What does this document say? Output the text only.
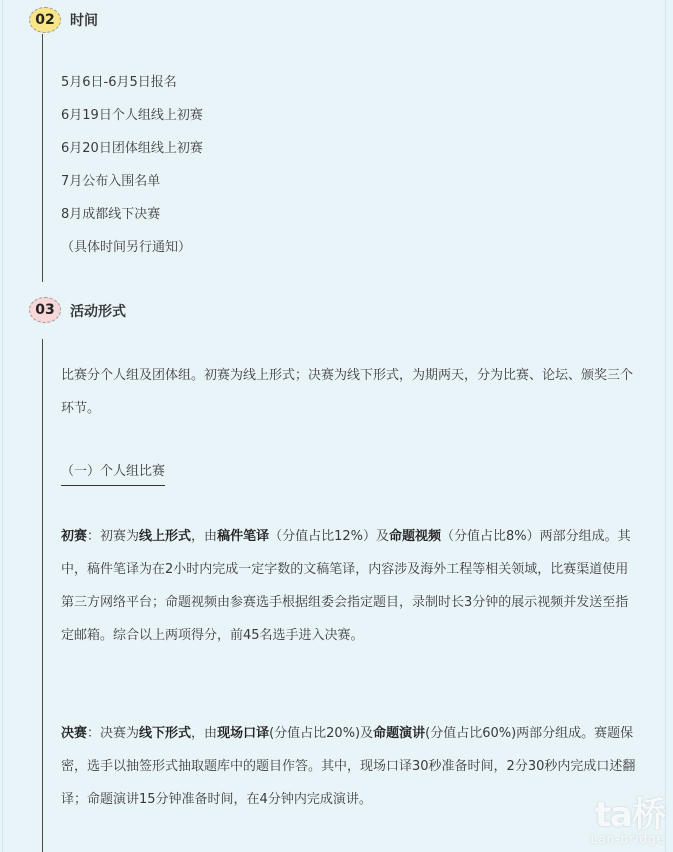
02	时间
5月6日-6月5日报名
6月19日个人组线上初赛
6月20日团体组线上初赛
7月公布入围名单
8月成都线下决赛
（具体时间另行通知）
03	活动形式

比赛分个人组及团体组。初赛为线上形式；决赛为线下形式，为期两天，分为比赛、论坛、颁奖三个环节。

（一）个人组比赛

初赛：初赛为线上形式，由稿件笔译（分值占比12%）及命题视频（分值占比8%）两部分组成。其中，稿件笔译为在2小时内完成一定字数的文稿笔译，内容涉及海外工程等相关领域，比赛渠道使用第三方网络平台；命题视频由参赛选手根据组委会指定题目，录制时长3分钟的展示视频并发送至指定邮箱。综合以上两项得分，前45名选手进入决赛。

决赛：决赛为线下形式，由现场口译(分值占比20%)及命题演讲(分值占比60%)两部分组成。赛题保密，选手以抽签形式抽取题库中的题目作答。其中，现场口译30秒准备时间，2分30秒内完成口述翻译；命题演讲15分钟准备时间，在4分钟内完成演讲。	ta桥
Lan-bridge
